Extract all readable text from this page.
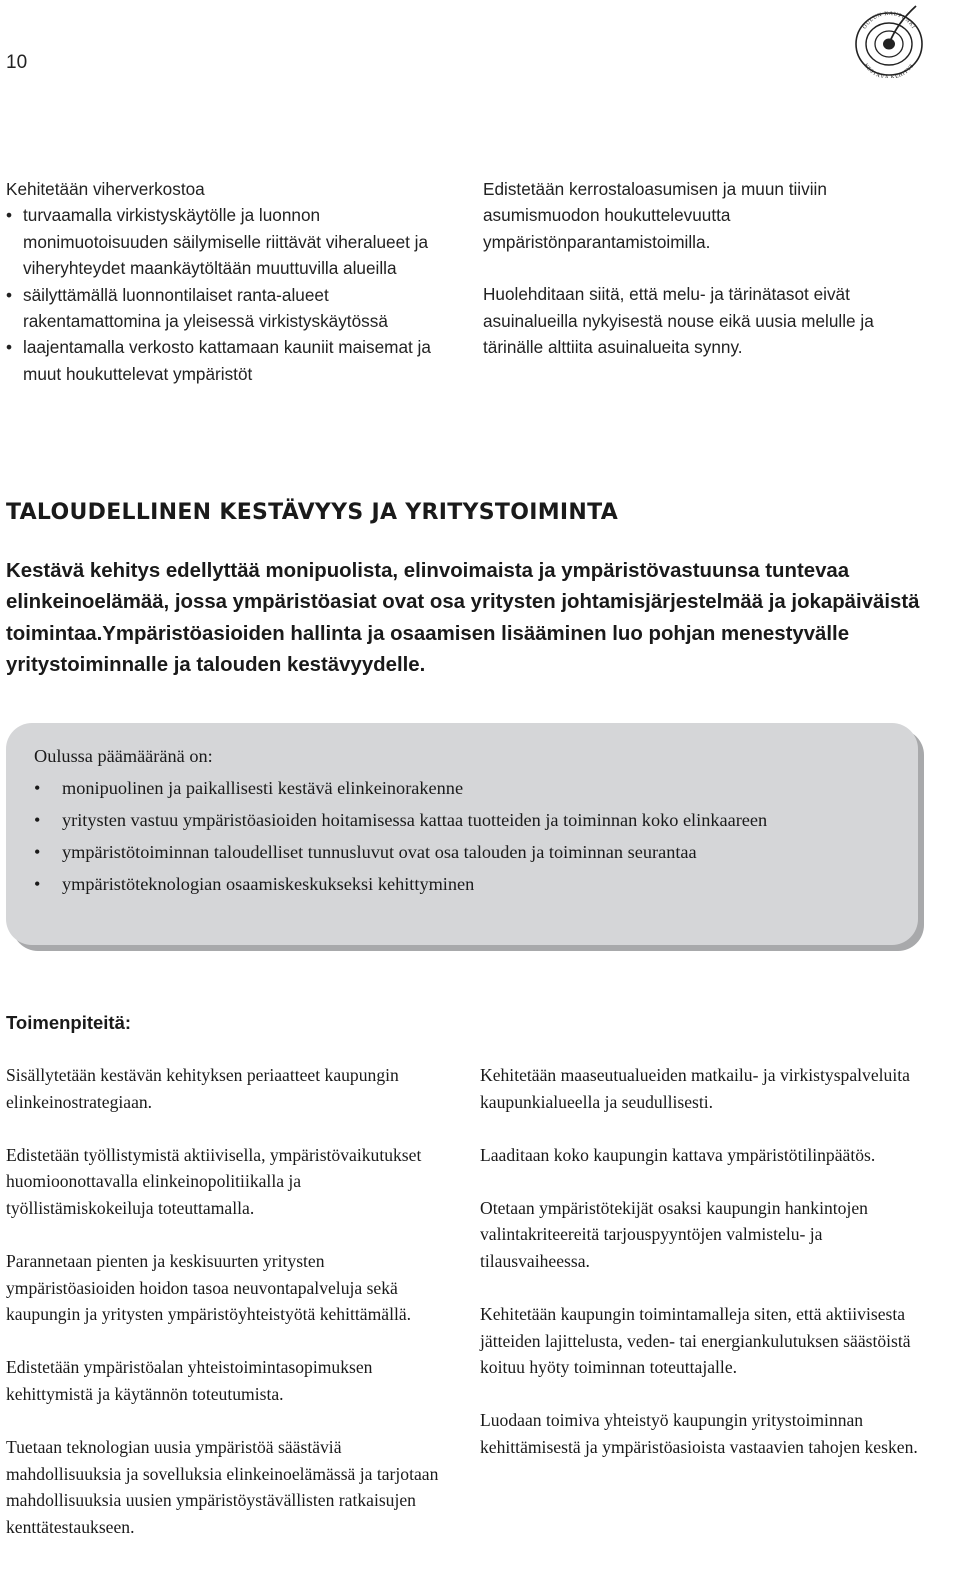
10
OULUN KAUPUNKI
KESTÄVÄ KEHITYS

Kehitetään viherverkostoa

• turvaamalla virkistyskäytölle ja luonnon monimuotoisuuden säilymiselle riittävät viheralueet ja viheryhteydet maankäytöltään muuttuvilla alueilla
• säilyttämällä luonnontilaiset ranta-alueet rakentamattomina ja yleisessä virkistyskäytössä
• laajentamalla verkosto kattamaan kauniit maisemat ja muut houkuttelevat ympäristöt

Edistetään kerrostaloasumisen ja muun tiiviin asumismuodon houkuttelevuutta ympäristönparantamistoimilla.

Huolehditaan siitä, että melu- ja tärinätasot eivät asuinalueilla nykyisestä nouse eikä uusia melulle ja tärinälle alttiita asuinalueita synny.

TALOUDELLINEN KESTÄVYYS JA YRITYSTOIMINTA

Kestävä kehitys edellyttää monipuolista, elinvoimaista ja ympäristövastuunsa tuntevaa elinkeinoelämää, jossa ympäristöasiat ovat osa yritysten johtamisjärjestelmää ja jokapäiväistä toimintaa.Ympäristöasioiden hallinta ja osaamisen lisääminen luo pohjan menestyvälle yritystoiminnalle ja talouden kestävyydelle.

Oulussa päämääränä on:

• monipuolinen ja paikallisesti kestävä elinkeinorakenne
• yritysten vastuu ympäristöasioiden hoitamisessa kattaa tuotteiden ja toiminnan koko elinkaareen
• ympäristötoiminnan taloudelliset tunnusluvut ovat osa talouden ja toiminnan seurantaa
• ympäristöteknologian osaamiskeskukseksi kehittyminen
Toimenpiteitä:

Sisällytetään kestävän kehityksen periaatteet kaupungin elinkeinostrategiaan.

Edistetään työllistymistä aktiivisella, ympäristövaikutukset huomioonottavalla elinkeinopolitiikalla ja työllistämiskokeiluja toteuttamalla.

Parannetaan pienten ja keskisuurten yritysten ympäristöasioiden hoidon tasoa neuvontapalveluja sekä kaupungin ja yritysten ympäristöyhteistyötä kehittämällä.

Edistetään ympäristöalan yhteistoimintasopimuksen kehittymistä ja käytännön toteutumista.

Tuetaan teknologian uusia ympäristöä säästäviä mahdollisuuksia ja sovelluksia elinkeinoelämässä ja tarjotaan mahdollisuuksia uusien ympäristöystävällisten ratkaisujen kenttätestaukseen.

Kehitetään maaseutualueiden matkailu- ja virkistyspalveluita kaupunkialueella ja seudullisesti.

Laaditaan koko kaupungin kattava ympäristötilinpäätös.

Otetaan ympäristötekijät osaksi kaupungin hankintojen valintakriteereitä tarjouspyyntöjen valmistelu- ja tilausvaiheessa.

Kehitetään kaupungin toimintamalleja siten, että aktiivisesta jätteiden lajittelusta, veden- tai energiankulutuksen säästöistä koituu hyöty toiminnan toteuttajalle.

Luodaan toimiva yhteistyö kaupungin yritystoiminnan kehittämisestä ja ympäristöasioista vastaavien tahojen kesken.
